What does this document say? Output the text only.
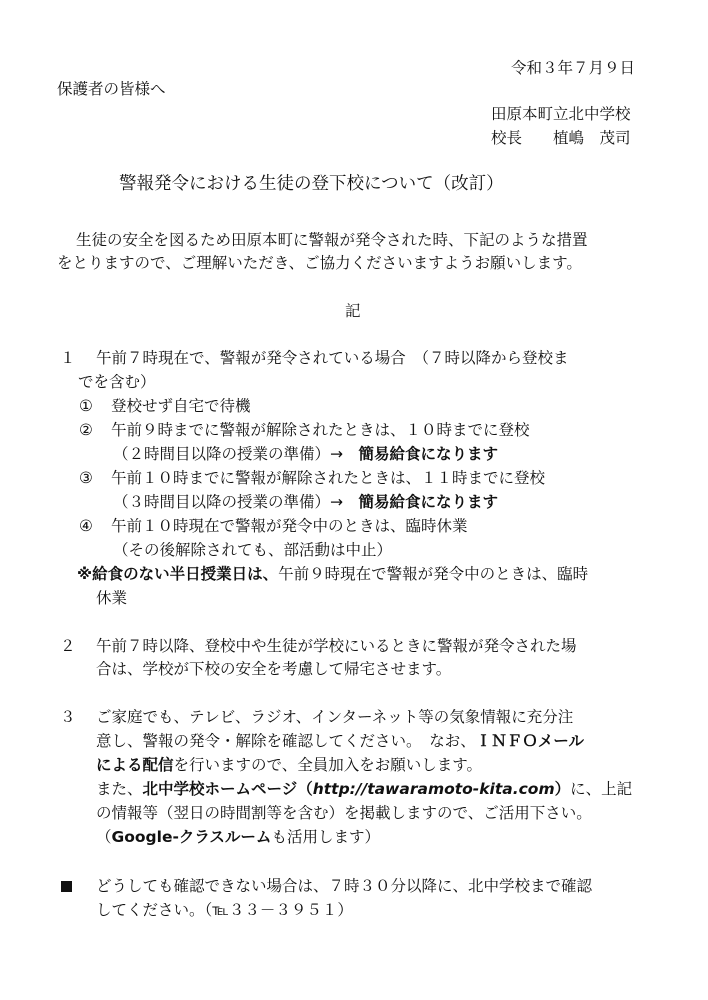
令和３年７月９日
保護者の皆様へ
田原本町立北中学校
校長　　植嶋　茂司
警報発令における生徒の登下校について（改訂）
生徒の安全を図るため田原本町に警報が発令された時、下記のような措置
をとりますので、ご理解いただき、ご協力くださいますようお願いします。
記
１ 午前７時現在で、警報が発令されている場合　（７時以降から登校ま
でを含む）
① 登校せず自宅で待機
② 午前９時までに警報が解除されたときは、１０時までに登校
（２時間目以降の授業の準備）→　簡易給食になります
③ 午前１０時までに警報が解除されたときは、１１時までに登校
（３時間目以降の授業の準備）→　簡易給食になります
④ 午前１０時現在で警報が発令中のときは、臨時休業
（その後解除されても、部活動は中止）
※給食のない半日授業日は、午前９時現在で警報が発令中のときは、臨時
休業
２ 午前７時以降、登校中や生徒が学校にいるときに警報が発令された場
合は、学校が下校の安全を考慮して帰宅させます。
３ ご家庭でも、テレビ、ラジオ、インターネット等の気象情報に充分注
意し、警報の発令・解除を確認してください。　なお、ＩＮＦＯメール
による配信を行いますので、全員加入をお願いします。
また、北中学校ホームページ（http://tawaramoto-kita.com）に、上記
の情報等（翌日の時間割等を含む）を掲載しますので、ご活用下さい。
（Google-クラスルームも活用します）
どうしても確認できない場合は、７時３０分以降に、北中学校まで確認
してください。（℡３３－３９５１）
